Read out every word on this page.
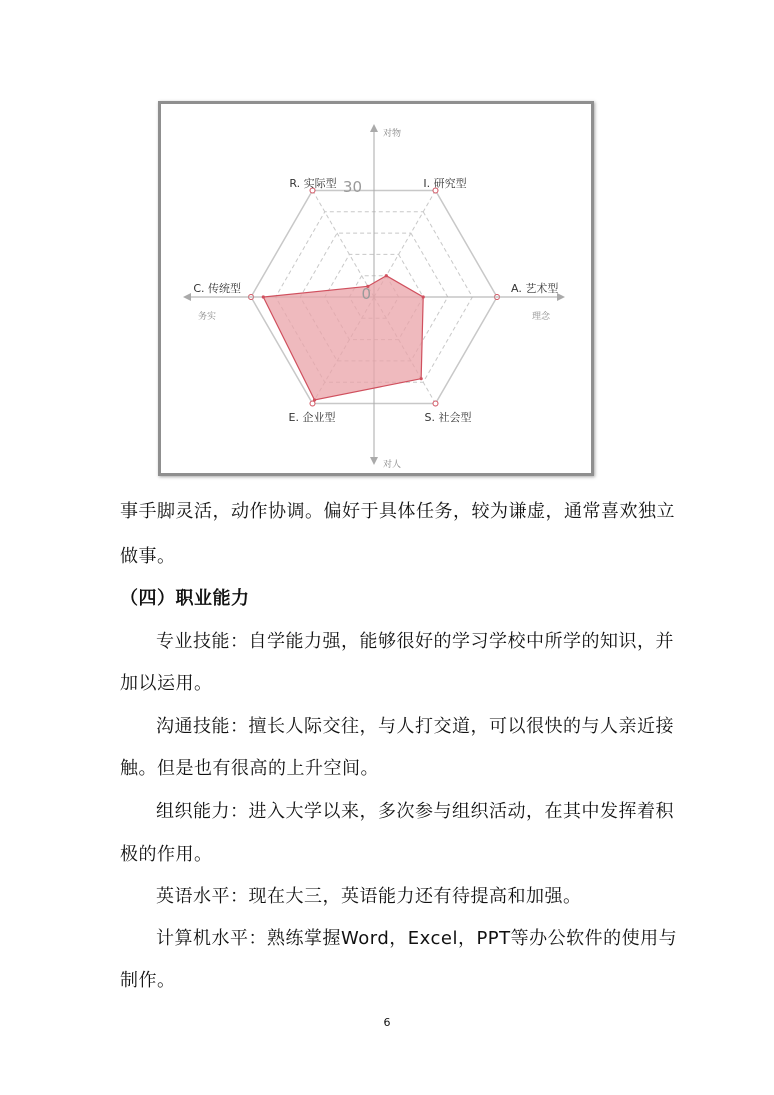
I. 研究型
A. 艺术型
S. 社会型
E. 企业型
C. 传统型
R. 实际型 30
0
对物
对人
务实	理念

事手脚灵活，动作协调。偏好于具体任务，较为谦虚，通常喜欢独立

做事。

（四）职业能力

专业技能：自学能力强，能够很好的学习学校中所学的知识，并

加以运用。

沟通技能：擅长人际交往，与人打交道，可以很快的与人亲近接

触。但是也有很高的上升空间。

组织能力：进入大学以来，多次参与组织活动，在其中发挥着积

极的作用。

英语水平：现在大三，英语能力还有待提高和加强。

计算机水平：熟练掌握Word，Excel，PPT等办公软件的使用与

制作。

6
